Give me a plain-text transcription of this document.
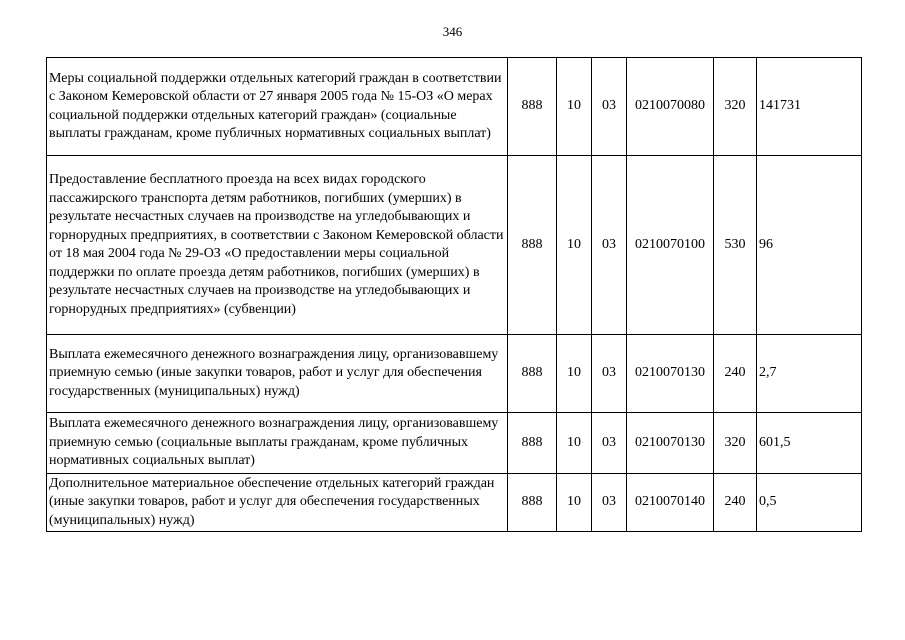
346
Меры социальной поддержки отдельных категорий граждан в соответствии с Законом Кемеровской области от 27 января 2005 года № 15-ОЗ «О мерах социальной поддержки отдельных категорий граждан» (социальные выплаты гражданам, кроме публичных нормативных социальных выплат)	888	10	03	0210070080	320	141731
Предоставление бесплатного проезда на всех видах городского пассажирского транспорта детям работников, погибших (умерших) в результате несчастных случаев на производстве на угледобывающих и горнорудных предприятиях, в соответствии с Законом Кемеровской области от 18 мая 2004 года № 29-ОЗ «О предоставлении меры социальной поддержки по оплате проезда детям работников, погибших (умерших) в результате несчастных случаев на производстве на угледобывающих и горнорудных предприятиях» (субвенции)	888	10	03	0210070100	530	96
Выплата ежемесячного денежного вознаграждения лицу, организовавшему приемную семью (иные закупки товаров, работ и услуг для обеспечения государственных (муниципальных) нужд)	888	10	03	0210070130	240	2,7
Выплата ежемесячного денежного вознаграждения лицу, организовавшему приемную семью (социальные выплаты гражданам, кроме публичных нормативных социальных выплат)	888	10	03	0210070130	320	601,5
Дополнительное материальное обеспечение отдельных категорий граждан (иные закупки товаров, работ и услуг для обеспечения государственных (муниципальных) нужд)	888	10	03	0210070140	240	0,5
